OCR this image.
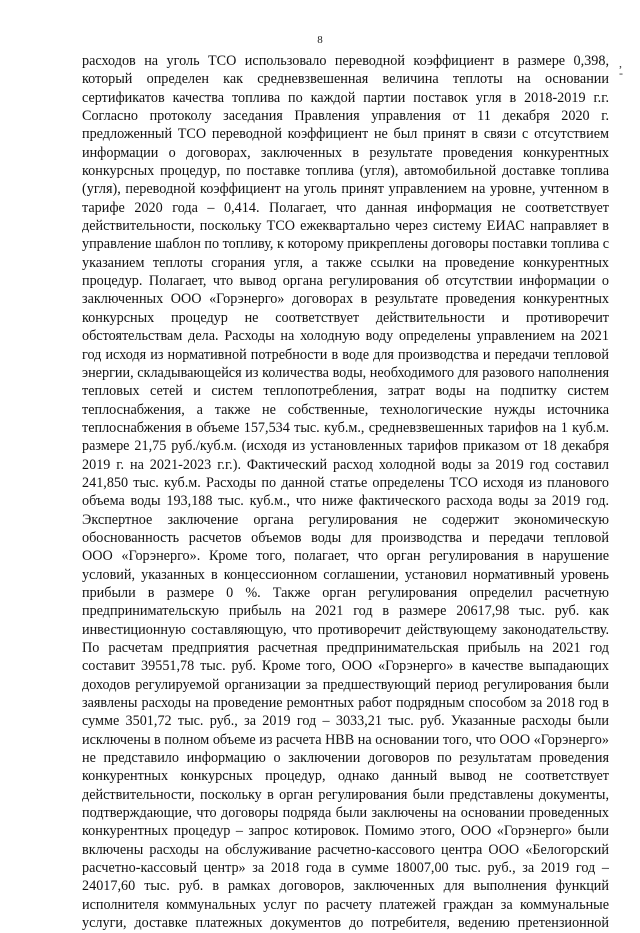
8
,
-
расходов на уголь ТСО использовало переводной коэффициент в размере 0,398,
который определен как средневзвешенная величина теплоты на основании
сертификатов качества топлива по каждой партии поставок угля в 2018-2019 г.г.
Согласно протоколу заседания Правления управления от 11 декабря 2020 г.
предложенный ТСО переводной коэффициент не был принят в связи с отсутствием
информации о договорах, заключенных в результате проведения конкурентных
конкурсных процедур, по поставке топлива (угля), автомобильной доставке топлива
(угля), переводной коэффициент на уголь принят управлением на уровне, учтенном в
тарифе 2020 года – 0,414. Полагает, что данная информация не соответствует
действительности, поскольку ТСО ежеквартально через систему ЕИАС направляет в
управление шаблон по топливу, к которому прикреплены договоры поставки топлива с
указанием теплоты сгорания угля, а также ссылки на проведение конкурентных
процедур. Полагает, что вывод органа регулирования об отсутствии информации о
заключенных ООО «Горэнерго» договорах в результате проведения конкурентных
конкурсных процедур не соответствует действительности и противоречит
обстоятельствам дела. Расходы на холодную воду определены управлением на 2021
год исходя из нормативной потребности в воде для производства и передачи тепловой
энергии, складывающейся из количества воды, необходимого для разового наполнения
тепловых сетей и систем теплопотребления, затрат воды на подпитку систем
теплоснабжения, а также не собственные, технологические нужды источника
теплоснабжения в объеме 157,534 тыс. куб.м., средневзвешенных тарифов на 1 куб.м.
размере 21,75 руб./куб.м. (исходя из установленных тарифов приказом от 18 декабря
2019 г. на 2021-2023 г.г.). Фактический расход холодной воды за 2019 год составил
241,850 тыс. куб.м. Расходы по данной статье определены ТСО исходя из планового
объема воды 193,188 тыс. куб.м., что ниже фактического расхода воды за 2019 год.
Экспертное заключение органа регулирования не содержит экономическую
обоснованность расчетов объемов воды для производства и передачи тепловой
ООО «Горэнерго». Кроме того, полагает, что орган регулирования в нарушение
условий, указанных в концессионном соглашении, установил нормативный уровень
прибыли в размере 0 %. Также орган регулирования определил расчетную
предпринимательскую прибыль на 2021 год в размере 20617,98 тыс. руб. как
инвестиционную составляющую, что противоречит действующему законодательству.
По расчетам предприятия расчетная предпринимательская прибыль на 2021 год
составит 39551,78 тыс. руб. Кроме того, ООО «Горэнерго» в качестве выпадающих
доходов регулируемой организации за предшествующий период регулирования были
заявлены расходы на проведение ремонтных работ подрядным способом за 2018 год в
сумме 3501,72 тыс. руб., за 2019 год – 3033,21 тыс. руб. Указанные расходы были
исключены в полном объеме из расчета НВВ на основании того, что ООО «Горэнерго»
не представило информацию о заключении договоров по результатам проведения
конкурентных конкурсных процедур, однако данный вывод не соответствует
действительности, поскольку в орган регулирования были представлены документы,
подтверждающие, что договоры подряда были заключены на основании проведенных
конкурентных процедур – запрос котировок. Помимо этого, ООО «Горэнерго» были
включены расходы на обслуживание расчетно-кассового центра ООО «Белогорский
расчетно-кассовый центр» за 2018 года в сумме 18007,00 тыс. руб., за 2019 год –
24017,60 тыс. руб. в рамках договоров, заключенных для выполнения функций
исполнителя коммунальных услуг по расчету платежей граждан за коммунальные
услуги, доставке платежных документов до потребителя, ведению претензионной
